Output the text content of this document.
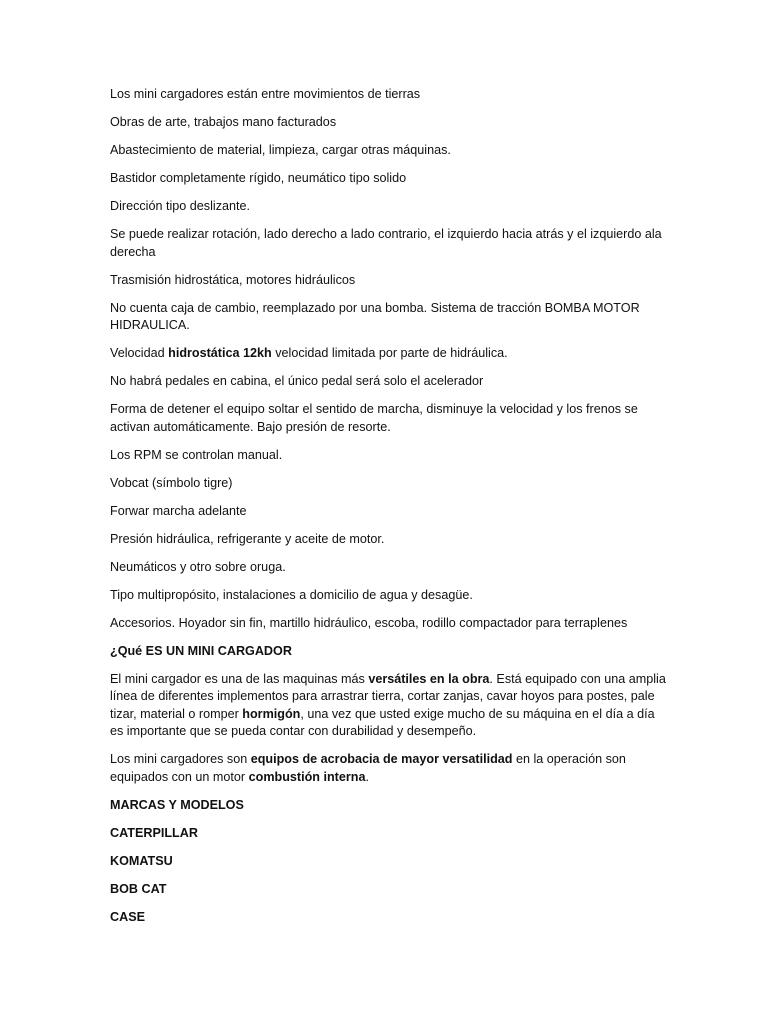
Los mini cargadores están entre movimientos de tierras

Obras de arte, trabajos mano facturados

Abastecimiento de material, limpieza, cargar otras máquinas.

Bastidor completamente rígido, neumático tipo solido

Dirección tipo deslizante.

Se puede realizar rotación, lado derecho a lado contrario, el izquierdo hacia atrás y el izquierdo ala derecha

Trasmisión hidrostática, motores hidráulicos

No cuenta caja de cambio, reemplazado por una bomba. Sistema de tracción BOMBA MOTOR HIDRAULICA.

Velocidad hidrostática 12kh velocidad limitada por parte de hidráulica.

No habrá pedales en cabina, el único pedal será solo el acelerador

Forma de detener el equipo soltar el sentido de marcha, disminuye la velocidad y los frenos se activan automáticamente. Bajo presión de resorte.

Los RPM se controlan manual.

Vobcat (símbolo tigre)

Forwar marcha adelante

Presión hidráulica, refrigerante y aceite de motor.

Neumáticos y otro sobre oruga.

Tipo multipropósito, instalaciones a domicilio de agua y desagüe.

Accesorios. Hoyador sin fin, martillo hidráulico, escoba, rodillo compactador para terraplenes

¿Qué ES UN MINI CARGADOR

El mini cargador es una de las maquinas más versátiles en la obra. Está equipado con una amplia línea de diferentes implementos para arrastrar tierra, cortar zanjas, cavar hoyos para postes, pale tizar, material o romper hormigón, una vez que usted exige mucho de su máquina en el día a día es importante que se pueda contar con durabilidad y desempeño.

Los mini cargadores son equipos de acrobacia de mayor versatilidad en la operación son equipados con un motor combustión interna.

MARCAS Y MODELOS

CATERPILLAR

KOMATSU

BOB CAT

CASE
